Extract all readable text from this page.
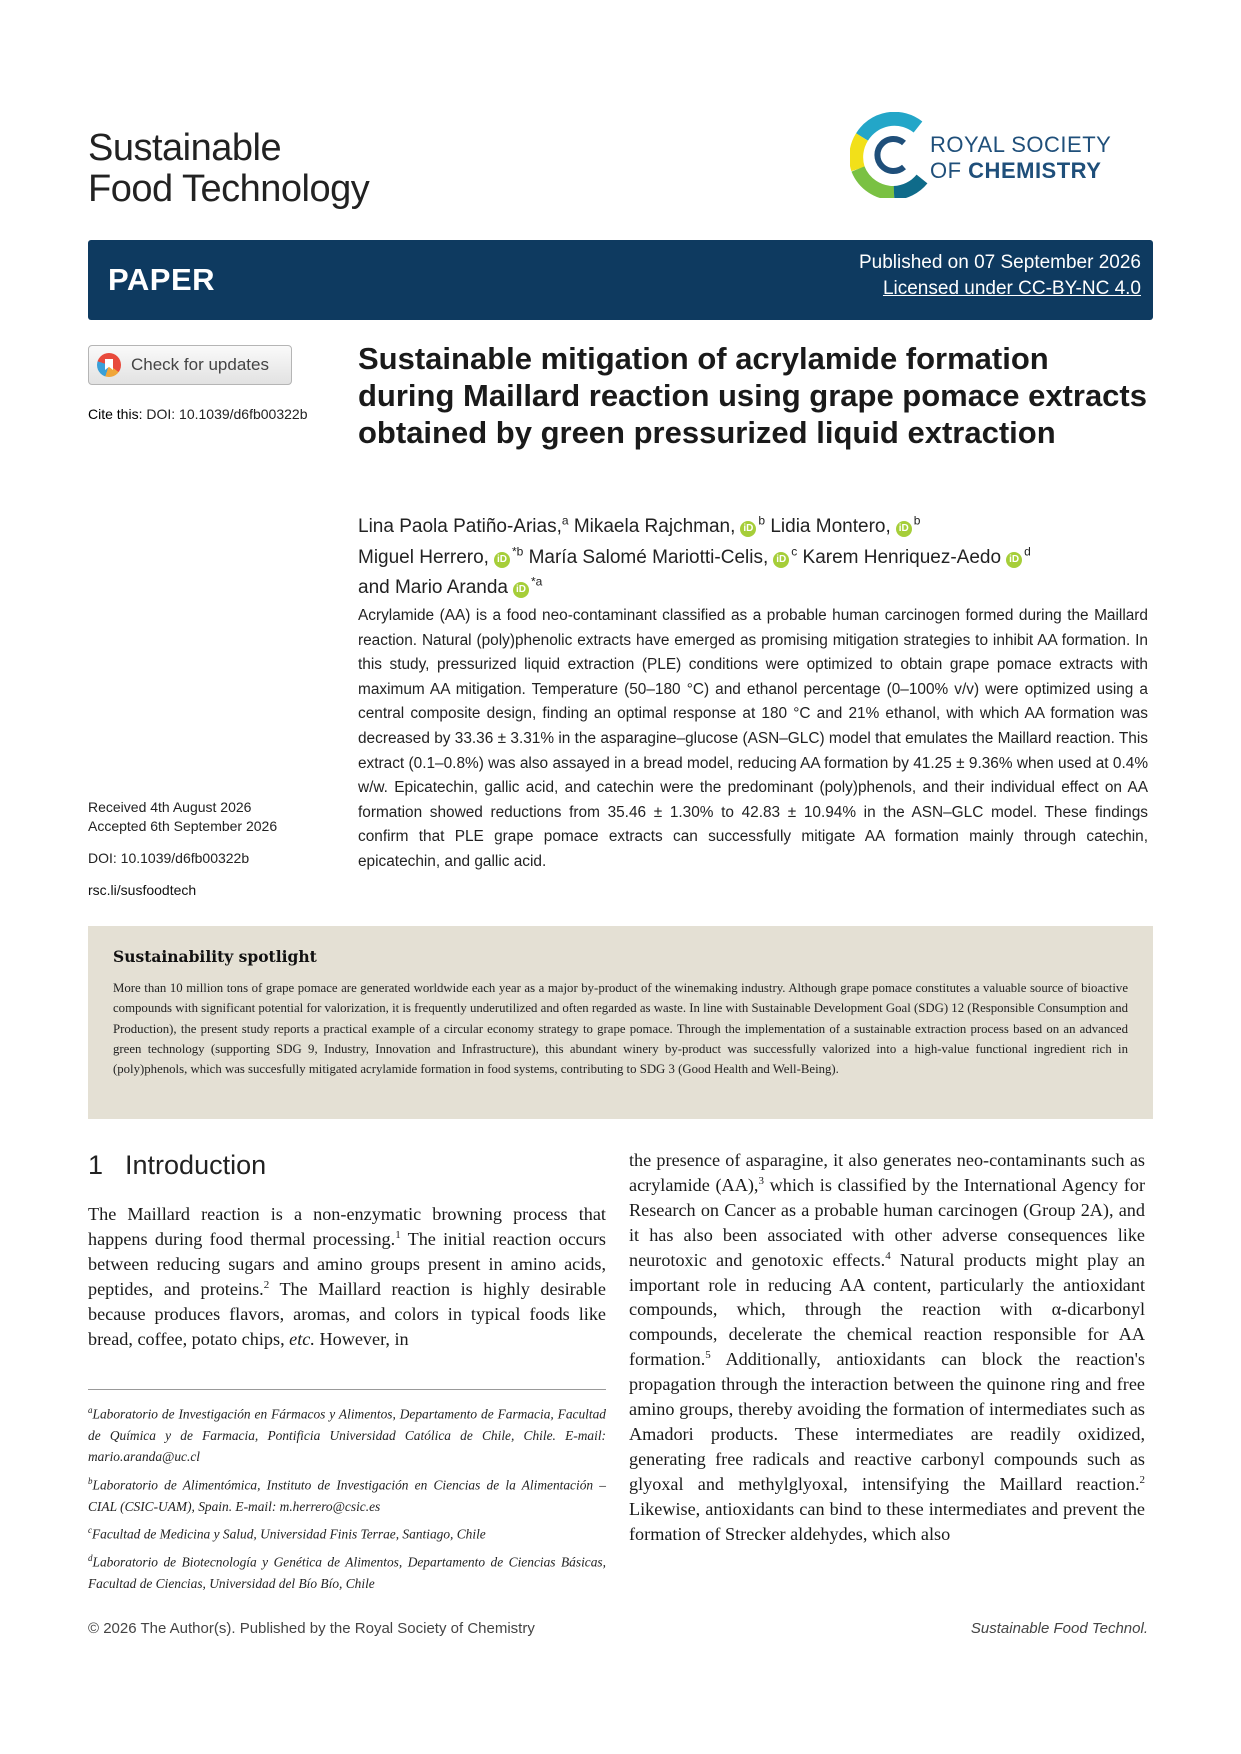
Sustainable
Food Technology
ROYAL SOCIETY
OF CHEMISTRY
PAPER	Published on 07 September 2026
Licensed under CC-BY-NC 4.0
Check for updates
Cite this: DOI: 10.1039/d6fb00322b
Received 4th August 2026
Accepted 6th September 2026
DOI: 10.1039/d6fb00322b
rsc.li/susfoodtech
Sustainable mitigation of acrylamide formation during Maillard reaction using grape pomace extracts obtained by green pressurized liquid extraction
Lina Paola Patiño-Arias,$^a$ Mikaela Rajchman, $iD^b$ Lidia Montero, $iD^b$
Miguel Herrero, $iD^{*b}$ María Salomé Mariotti-Celis, $iD^c$ Karem Henriquez-Aedo $iD^d$
and Mario Aranda $iD^{*a}$
Acrylamide (AA) is a food neo-contaminant classified as a probable human carcinogen formed during the Maillard reaction. Natural (poly)phenolic extracts have emerged as promising mitigation strategies to inhibit AA formation. In this study, pressurized liquid extraction (PLE) conditions were optimized to obtain grape pomace extracts with maximum AA mitigation. Temperature (50–180 °C) and ethanol percentage (0–100% v/v) were optimized using a central composite design, finding an optimal response at 180 °C and 21% ethanol, with which AA formation was decreased by 33.36 ± 3.31% in the asparagine–glucose (ASN–GLC) model that emulates the Maillard reaction. This extract (0.1–0.8%) was also assayed in a bread model, reducing AA formation by 41.25 ± 9.36% when used at 0.4% w/w. Epicatechin, gallic acid, and catechin were the predominant (poly)phenols, and their individual effect on AA formation showed reductions from 35.46 ± 1.30% to 42.83 ± 10.94% in the ASN–GLC model. These findings confirm that PLE grape pomace extracts can successfully mitigate AA formation mainly through catechin, epicatechin, and gallic acid.
Sustainability spotlight
More than 10 million tons of grape pomace are generated worldwide each year as a major by-product of the winemaking industry. Although grape pomace constitutes a valuable source of bioactive compounds with significant potential for valorization, it is frequently underutilized and often regarded as waste. In line with Sustainable Development Goal (SDG) 12 (Responsible Consumption and Production), the present study reports a practical example of a circular economy strategy to grape pomace. Through the implementation of a sustainable extraction process based on an advanced green technology (supporting SDG 9, Industry, Innovation and Infrastructure), this abundant winery by-product was successfully valorized into a high-value functional ingredient rich in (poly)phenols, which was succesfully mitigated acrylamide formation in food systems, contributing to SDG 3 (Good Health and Well-Being).
1 Introduction
The Maillard reaction is a non-enzymatic browning process that happens during food thermal processing.$^1$ The initial reaction occurs between reducing sugars and amino groups present in amino acids, peptides, and proteins.$^2$ The Maillard reaction is highly desirable because produces flavors, aromas, and colors in typical foods like bread, coffee, potato chips, etc. However, in

$^a$Laboratorio de Investigación en Fármacos y Alimentos, Departamento de Farmacia, Facultad de Química y de Farmacia, Pontificia Universidad Católica de Chile, Chile. E-mail: mario.aranda@uc.cl

$^b$Laboratorio de Alimentómica, Instituto de Investigación en Ciencias de la Alimentación – CIAL (CSIC-UAM), Spain. E-mail: m.herrero@csic.es

$^c$Facultad de Medicina y Salud, Universidad Finis Terrae, Santiago, Chile

$^d$Laboratorio de Biotecnología y Genética de Alimentos, Departamento de Ciencias Básicas, Facultad de Ciencias, Universidad del Bío Bío, Chile

the presence of asparagine, it also generates neo-contaminants such as acrylamide (AA),$^3$ which is classified by the International Agency for Research on Cancer as a probable human carcinogen (Group 2A), and it has also been associated with other adverse consequences like neurotoxic and genotoxic effects.$^4$ Natural products might play an important role in reducing AA content, particularly the antioxidant compounds, which, through the reaction with α-dicarbonyl compounds, decelerate the chemical reaction responsible for AA formation.$^5$ Additionally, antioxidants can block the reaction's propagation through the interaction between the quinone ring and free amino groups, thereby avoiding the formation of intermediates such as Amadori products. These intermediates are readily oxidized, generating free radicals and reactive carbonyl compounds such as glyoxal and methylglyoxal, intensifying the Maillard reaction.$^2$ Likewise, antioxidants can bind to these intermediates and prevent the formation of Strecker aldehydes, which also
© 2026 The Author(s). Published by the Royal Society of Chemistry	Sustainable Food Technol.
